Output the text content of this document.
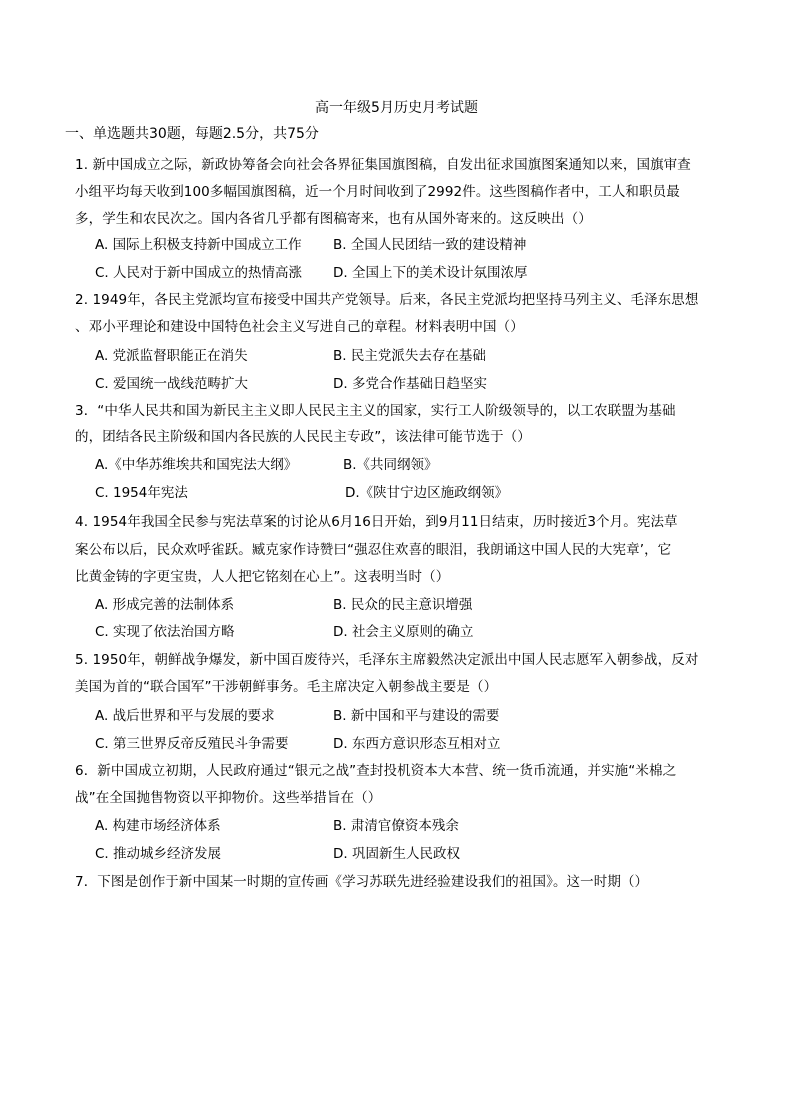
高一年级5月历史月考试题
一、单选题共30题，每题2.5分，共75分
1. 新中国成立之际，新政协筹备会向社会各界征集国旗图稿，自发出征求国旗图案通知以来，国旗审查
小组平均每天收到100多幅国旗图稿，近一个月时间收到了2992件。这些图稿作者中，工人和职员最
多，学生和农民次之。国内各省几乎都有图稿寄来，也有从国外寄来的。这反映出（）
A. 国际上积极支持新中国成立工作 B. 全国人民团结一致的建设精神
C. 人民对于新中国成立的热情高涨 D. 全国上下的美术设计氛围浓厚
2. 1949年，各民主党派均宣布接受中国共产党领导。后来，各民主党派均把坚持马列主义、毛泽东思想
、邓小平理论和建设中国特色社会主义写进自己的章程。材料表明中国（）
A. 党派监督职能正在消失	B. 民主党派失去存在基础
C. 爱国统一战线范畴扩大	D. 多党合作基础日趋坚实
3．“中华人民共和国为新民主主义即人民民主主义的国家，实行工人阶级领导的，以工农联盟为基础
的，团结各民主阶级和国内各民族的人民民主专政”，该法律可能节选于（）
A.《中华苏维埃共和国宪法大纲》	B.《共同纲领》
C. 1954年宪法	D.《陕甘宁边区施政纲领》
4. 1954年我国全民参与宪法草案的讨论从6月16日开始，到9月11日结束，历时接近3个月。宪法草
案公布以后，民众欢呼雀跃。臧克家作诗赞曰“强忍住欢喜的眼泪，我朗诵这中国人民的大宪章’，它
比黄金铸的字更宝贵，人人把它铭刻在心上”。这表明当时（）
A. 形成完善的法制体系	B. 民众的民主意识增强
C. 实现了依法治国方略	D. 社会主义原则的确立
5. 1950年，朝鲜战争爆发，新中国百废待兴，毛泽东主席毅然决定派出中国人民志愿军入朝参战，反对
美国为首的“联合国军”干涉朝鲜事务。毛主席决定入朝参战主要是（）
A. 战后世界和平与发展的要求	B. 新中国和平与建设的需要
C. 第三世界反帝反殖民斗争需要	D. 东西方意识形态互相对立
6．新中国成立初期，人民政府通过“银元之战”查封投机资本大本营、统一货币流通，并实施“米棉之
战”在全国抛售物资以平抑物价。这些举措旨在（）
A. 构建市场经济体系	B. 肃清官僚资本残余
C. 推动城乡经济发展	D. 巩固新生人民政权
7．下图是创作于新中国某一时期的宣传画《学习苏联先进经验建设我们的祖国》。这一时期（）
